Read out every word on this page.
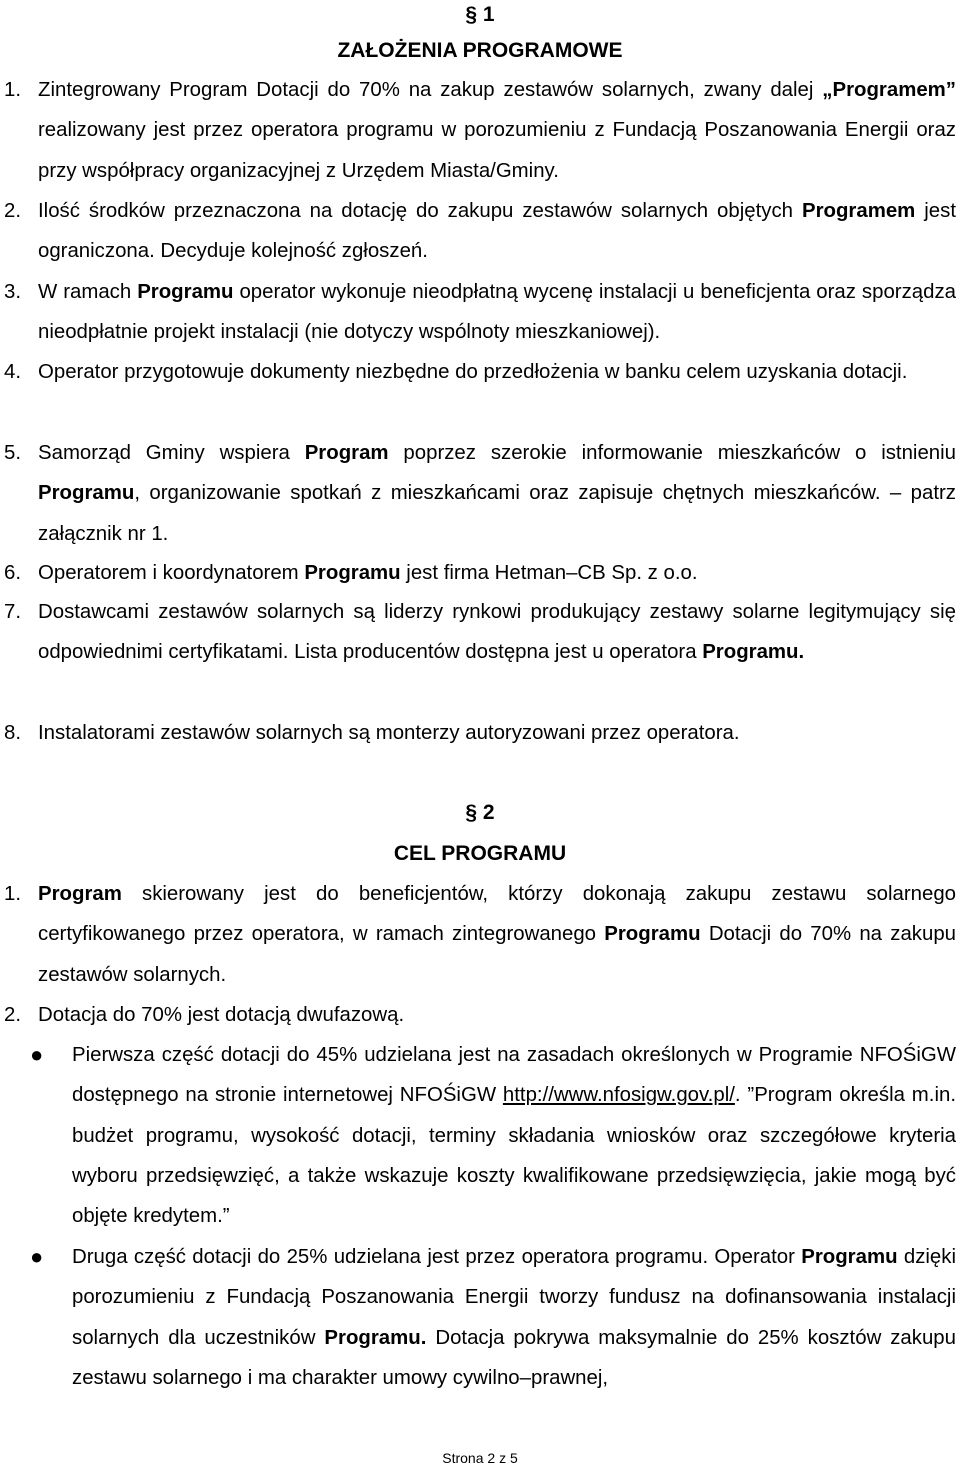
§ 1
ZAŁOŻENIA PROGRAMOWE
1. Zintegrowany Program Dotacji do 70% na zakup zestawów solarnych, zwany dalej „Programem” realizowany jest przez operatora programu w porozumieniu z Fundacją Poszanowania Energii oraz przy współpracy organizacyjnej z Urzędem Miasta/Gminy.
2. Ilość środków przeznaczona na dotację do zakupu zestawów solarnych objętych Programem jest ograniczona. Decyduje kolejność zgłoszeń.
3. W ramach Programu operator wykonuje nieodpłatną wycenę instalacji u beneficjenta oraz sporządza nieodpłatnie projekt instalacji (nie dotyczy wspólnoty mieszkaniowej).
4. Operator przygotowuje dokumenty niezbędne do przedłożenia w banku celem uzyskania dotacji.
5. Samorząd Gminy wspiera Program poprzez szerokie informowanie mieszkańców o istnieniu Programu, organizowanie spotkań z mieszkańcami oraz zapisuje chętnych mieszkańców. – patrz załącznik nr 1.
6. Operatorem i koordynatorem Programu jest firma Hetman–CB Sp. z o.o.
7. Dostawcami zestawów solarnych są liderzy rynkowi produkujący zestawy solarne legitymujący się odpowiednimi certyfikatami. Lista producentów dostępna jest u operatora Programu.
8. Instalatorami zestawów solarnych są monterzy autoryzowani przez operatora.
§ 2
CEL PROGRAMU
1. Program skierowany jest do beneficjentów, którzy dokonają zakupu zestawu solarnego certyfikowanego przez operatora, w ramach zintegrowanego Programu Dotacji do 70% na zakupu zestawów solarnych.
2. Dotacja do 70% jest dotacją dwufazową.
●	Pierwsza część dotacji do 45% udzielana jest na zasadach określonych w Programie NFOŚiGW dostępnego na stronie internetowej NFOŚiGW http://www.nfosigw.gov.pl/. ”Program określa m.in. budżet programu, wysokość dotacji, terminy składania wniosków oraz szczegółowe kryteria wyboru przedsięwzięć, a także wskazuje koszty kwalifikowane przedsięwzięcia, jakie mogą być objęte kredytem.”
●	Druga część dotacji do 25% udzielana jest przez operatora programu. Operator Programu dzięki porozumieniu z Fundacją Poszanowania Energii tworzy fundusz na dofinansowania instalacji solarnych dla uczestników Programu. Dotacja pokrywa maksymalnie do 25% kosztów zakupu zestawu solarnego i ma charakter umowy cywilno–prawnej,
Strona 2 z 5
